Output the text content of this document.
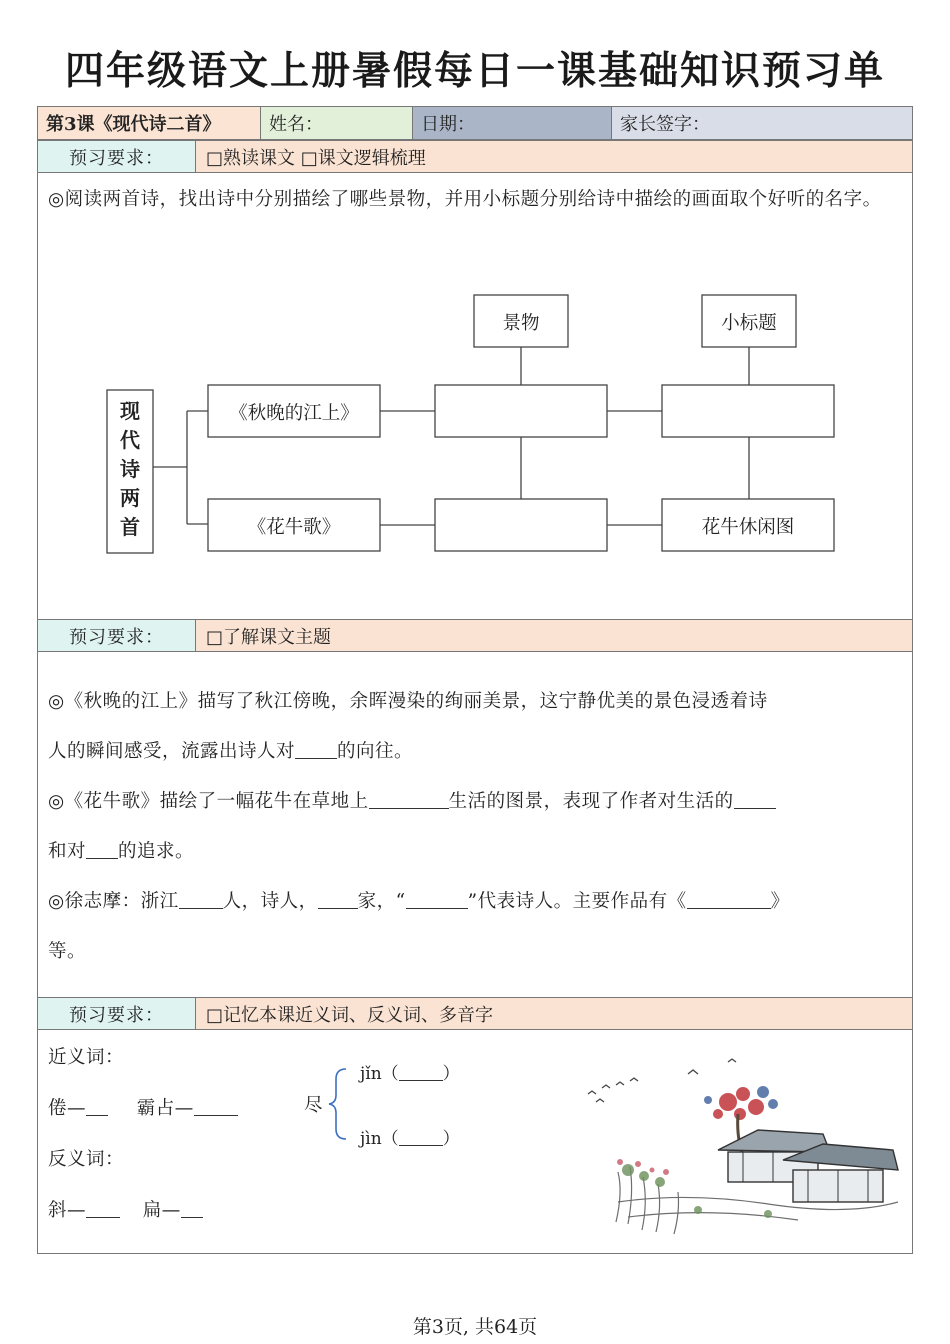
四年级语文上册暑假每日一课基础知识预习单
第3课《现代诗二首》	姓名：	日期：	家长签字：
预习要求：	□熟读课文 □课文逻辑梳理
◎阅读两首诗，找出诗中分别描绘了哪些景物，并用小标题分别给诗中描绘的画面取个好听的名字。
现代诗两首
《秋晚的江上》
《花牛歌》
景物	小标题
花牛休闲图
预习要求：	□了解课文主题
◎《秋晚的江上》描写了秋江傍晚，余晖漫染的绚丽美景，这宁静优美的景色浸透着诗
人的瞬间感受，流露出诗人对 的向往。
◎《花牛歌》描绘了一幅花牛在草地上	生活的图景，表现了作者对生活的
和对 的追求。
◎徐志摩：浙江 人，诗人， 家，“	”代表诗人。主要作品有《	》
等。
预习要求：	□记忆本课近义词、反义词、多音字
近义词：
倦—	霸占—
反义词：
斜—	扁—
尽
jǐn（	）
jìn（	）
第3页, 共64页
